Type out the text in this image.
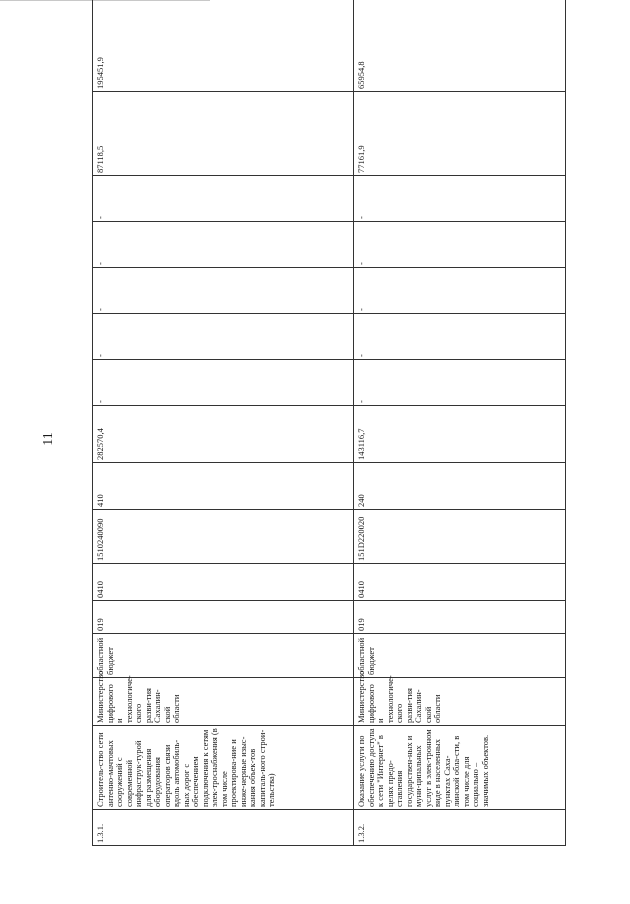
11
1.3.1.	Строитель-ство сети антенно-мачтовых сооружений с современной инфраструк-турой для размещения оборудования операторов связи вдоль автомобиль-ных дорог с обеспечением подключения к сетям элек-троснабжения (в том числе проектирова-ние и инже-нерные изыс-кания объек-тов капиталь-ного строи-тельства)	Министерство цифрового и технологиче-ского разви-тия Сахалин-ской области	областной бюджет	019	0410	1510240090	410	282570,4	-	-	-	-	-	87118,5	195451,9
1.3.2.	Оказание услуги по обеспечению доступа к сети "Интернет" в целях предо-ставления государствен-ных и муни-ципальных услуг в элек-тронном виде в населенных пунктах Саха-линской обла-сти, в том числе для социально – значимых объектов.	Министерство цифрового и технологиче-ского разви-тия Сахалин-ской области	областной бюджет	019	0410	151D220020	240	143116,7	-	-	-	-	-	77161,9	65954,8
